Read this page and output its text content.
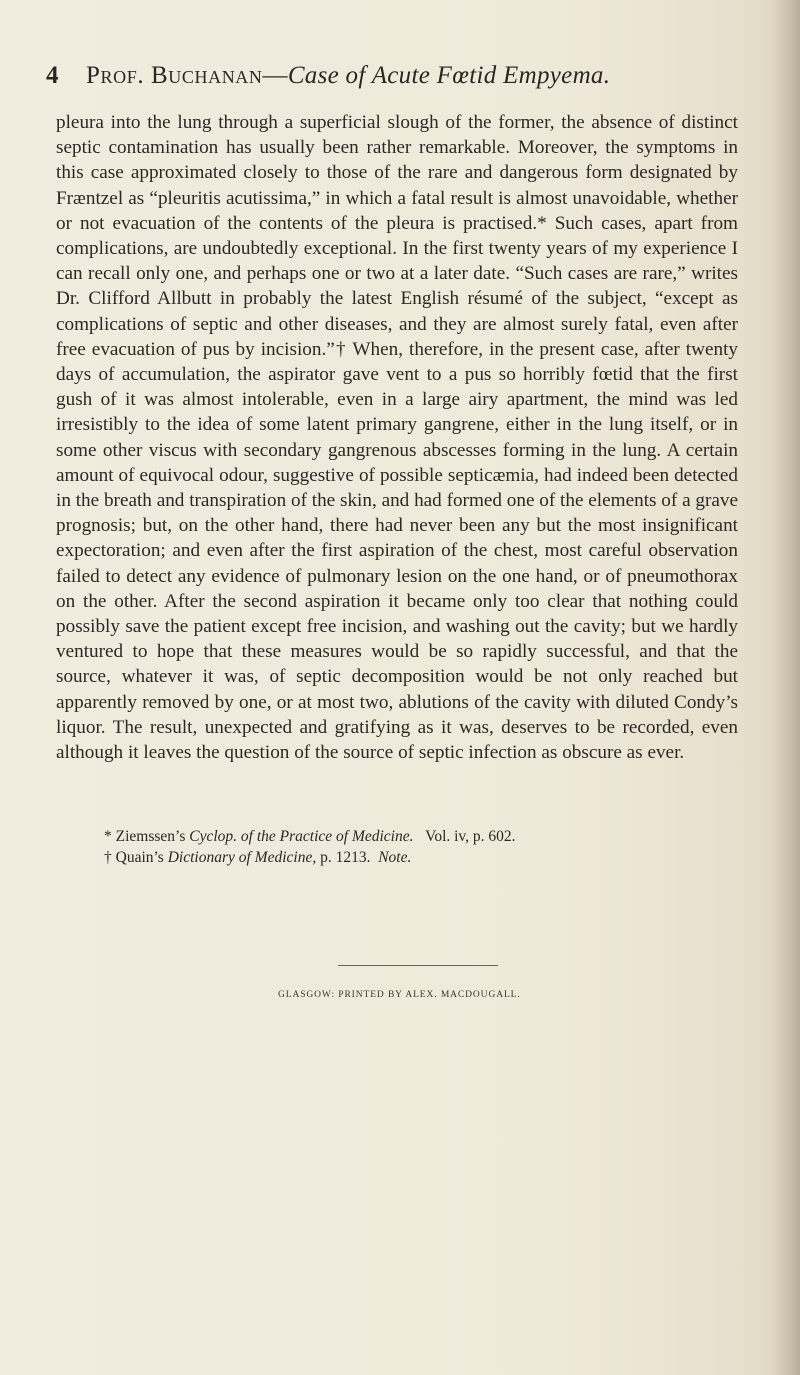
4 Prof. Buchanan—Case of Acute Fœtid Empyema.

pleura into the lung through a superficial slough of the former, the absence of distinct septic contamination has usually been rather remarkable. Moreover, the symptoms in this case approximated closely to those of the rare and dangerous form designated by Fræntzel as “pleuritis acutissima,” in which a fatal result is almost unavoidable, whether or not evacuation of the contents of the pleura is practised.* Such cases, apart from complications, are undoubtedly exceptional. In the first twenty years of my experience I can recall only one, and perhaps one or two at a later date. “Such cases are rare,” writes Dr. Clifford Allbutt in probably the latest English résumé of the subject, “except as complications of septic and other diseases, and they are almost surely fatal, even after free evacuation of pus by incision.”† When, therefore, in the present case, after twenty days of accumulation, the aspirator gave vent to a pus so horribly fœtid that the first gush of it was almost intolerable, even in a large airy apartment, the mind was led irresistibly to the idea of some latent primary gangrene, either in the lung itself, or in some other viscus with secondary gangrenous abscesses forming in the lung. A certain amount of equivocal odour, suggestive of possible septicæmia, had indeed been detected in the breath and transpiration of the skin, and had formed one of the elements of a grave prognosis; but, on the other hand, there had never been any but the most insignificant expectoration; and even after the first aspiration of the chest, most careful observation failed to detect any evidence of pulmonary lesion on the one hand, or of pneumothorax on the other. After the second aspiration it became only too clear that nothing could possibly save the patient except free incision, and washing out the cavity; but we hardly ventured to hope that these measures would be so rapidly successful, and that the source, whatever it was, of septic decomposition would be not only reached but apparently removed by one, or at most two, ablutions of the cavity with diluted Condy’s liquor. The result, unexpected and gratifying as it was, deserves to be recorded, even although it leaves the question of the source of septic infection as obscure as ever.

* Ziemssen’s Cyclop. of the Practice of Medicine. Vol. iv, p. 602.

† Quain’s Dictionary of Medicine, p. 1213. Note.

GLASGOW: PRINTED BY ALEX. MACDOUGALL.
